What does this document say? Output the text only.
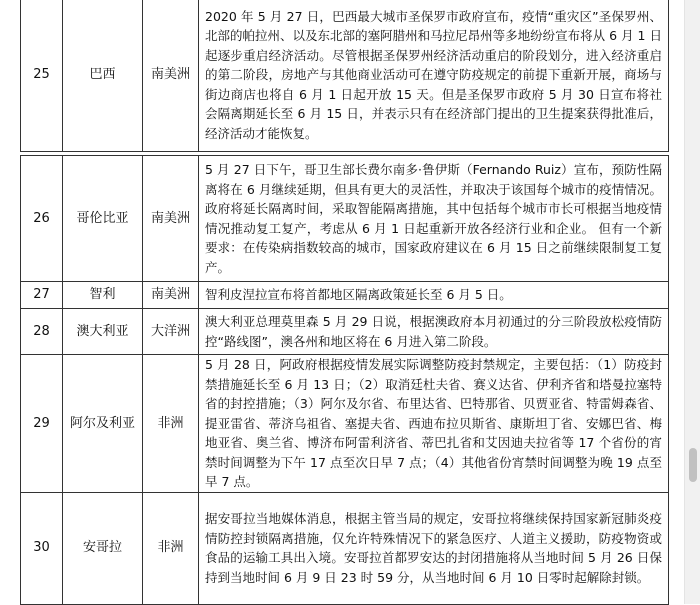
25	巴西	南美洲	2020 年 5 月 27 日，巴西最大城市圣保罗市政府宣布，疫情“重灾区”圣保罗州、北部的帕拉州、以及东北部的塞阿腊州和马拉尼昂州等多地纷纷宣布将从 6 月 1 日起逐步重启经济活动。尽管根据圣保罗州经济活动重启的阶段划分，进入经济重启的第二阶段，房地产与其他商业活动可在遵守防疫规定的前提下重新开展，商场与街边商店也将自 6 月 1 日起开放 15 天。但是圣保罗市政府 5 月 30 日宣布将社会隔离期延长至 6 月 15 日，并表示只有在经济部门提出的卫生提案获得批准后，经济活动才能恢复。
26	哥伦比亚	南美洲	5 月 27 日下午，哥卫生部长费尔南多·鲁伊斯（Fernando Ruiz）宣布，预防性隔离将在 6 月继续延期，但具有更大的灵活性，并取决于该国每个城市的疫情情况。政府将延长隔离时间，采取智能隔离措施，其中包括每个城市市长可根据当地疫情情况推动复工复产，考虑从 6 月 1 日起重新开放各经济行业和企业。 但有一个新要求：在传染病指数较高的城市，国家政府建议在 6 月 15 日之前继续限制复工复产。
27	智利	南美洲	智利皮涅拉宣布将首都地区隔离政策延长至 6 月 5 日。
28	澳大利亚	大洋洲	澳大利亚总理莫里森 5 月 29 日说，根据澳政府本月初通过的分三阶段放松疫情防控“路线图”，澳各州和地区将在 6 月进入第二阶段。
29	阿尔及利亚	非洲	5 月 28 日，阿政府根据疫情发展实际调整防疫封禁规定，主要包括：（1）防疫封禁措施延长至 6 月 13 日；（2）取消廷杜夫省、赛义达省、伊利齐省和塔曼拉塞特省的封控措施；（3）阿尔及尔省、布里达省、巴特那省、贝贾亚省、特雷姆森省、提亚雷省、蒂济乌祖省、塞提夫省、西迪布拉贝斯省、康斯坦丁省、安娜巴省、梅地亚省、奥兰省、博济布阿雷利济省、蒂巴扎省和艾因迪夫拉省等 17 个省份的宵禁时间调整为下午 17 点至次日早 7 点；（4）其他省份宵禁时间调整为晚 19 点至早 7 点。
30	安哥拉	非洲	据安哥拉当地媒体消息，根据主管当局的规定，安哥拉将继续保持国家新冠肺炎疫情防控封锁隔离措施，仅允许特殊情况下的紧急医疗、人道主义援助，防疫物资或食品的运输工具出入境。安哥拉首都罗安达的封闭措施将从当地时间 5 月 26 日保持到当地时间 6 月 9 日 23 时 59 分，从当地时间 6 月 10 日零时起解除封锁。
